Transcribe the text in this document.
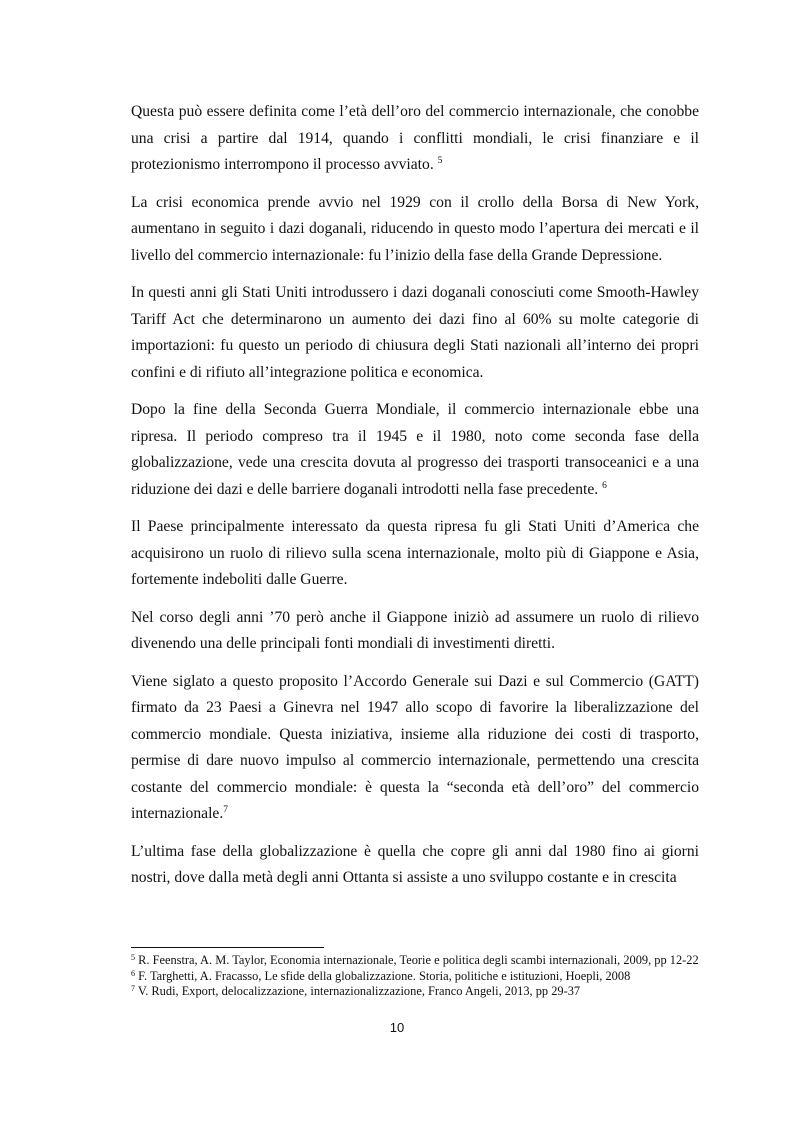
Questa può essere definita come l’età dell’oro del commercio internazionale, che conobbe una crisi a partire dal 1914, quando i conflitti mondiali, le crisi finanziare e il protezionismo interrompono il processo avviato. $^5$

La crisi economica prende avvio nel 1929 con il crollo della Borsa di New York, aumentano in seguito i dazi doganali, riducendo in questo modo l’apertura dei mercati e il livello del commercio internazionale: fu l’inizio della fase della Grande Depressione.

In questi anni gli Stati Uniti introdussero i dazi doganali conosciuti come Smooth-Hawley Tariff Act che determinarono un aumento dei dazi fino al 60% su molte categorie di importazioni: fu questo un periodo di chiusura degli Stati nazionali all’interno dei propri confini e di rifiuto all’integrazione politica e economica.

Dopo la fine della Seconda Guerra Mondiale, il commercio internazionale ebbe una ripresa. Il periodo compreso tra il 1945 e il 1980, noto come seconda fase della globalizzazione, vede una crescita dovuta al progresso dei trasporti transoceanici e a una riduzione dei dazi e delle barriere doganali introdotti nella fase precedente. $^6$

Il Paese principalmente interessato da questa ripresa fu gli Stati Uniti d’America che acquisirono un ruolo di rilievo sulla scena internazionale, molto più di Giappone e Asia, fortemente indeboliti dalle Guerre.

Nel corso degli anni ’70 però anche il Giappone iniziò ad assumere un ruolo di rilievo divenendo una delle principali fonti mondiali di investimenti diretti.

Viene siglato a questo proposito l’Accordo Generale sui Dazi e sul Commercio (GATT) firmato da 23 Paesi a Ginevra nel 1947 allo scopo di favorire la liberalizzazione del commercio mondiale. Questa iniziativa, insieme alla riduzione dei costi di trasporto, permise di dare nuovo impulso al commercio internazionale, permettendo una crescita costante del commercio mondiale: è questa la “seconda età dell’oro” del commercio internazionale.$^7$

L’ultima fase della globalizzazione è quella che copre gli anni dal 1980 fino ai giorni nostri, dove dalla metà degli anni Ottanta si assiste a uno sviluppo costante e in crescita

$^5$ R. Feenstra, A. M. Taylor, Economia internazionale, Teorie e politica degli scambi internazionali, 2009, pp 12-22

$^6$ F. Targhetti, A. Fracasso, Le sfide della globalizzazione. Storia, politiche e istituzioni, Hoepli, 2008

$^7$ V. Rudi, Export, delocalizzazione, internazionalizzazione, Franco Angeli, 2013, pp 29-37

10
